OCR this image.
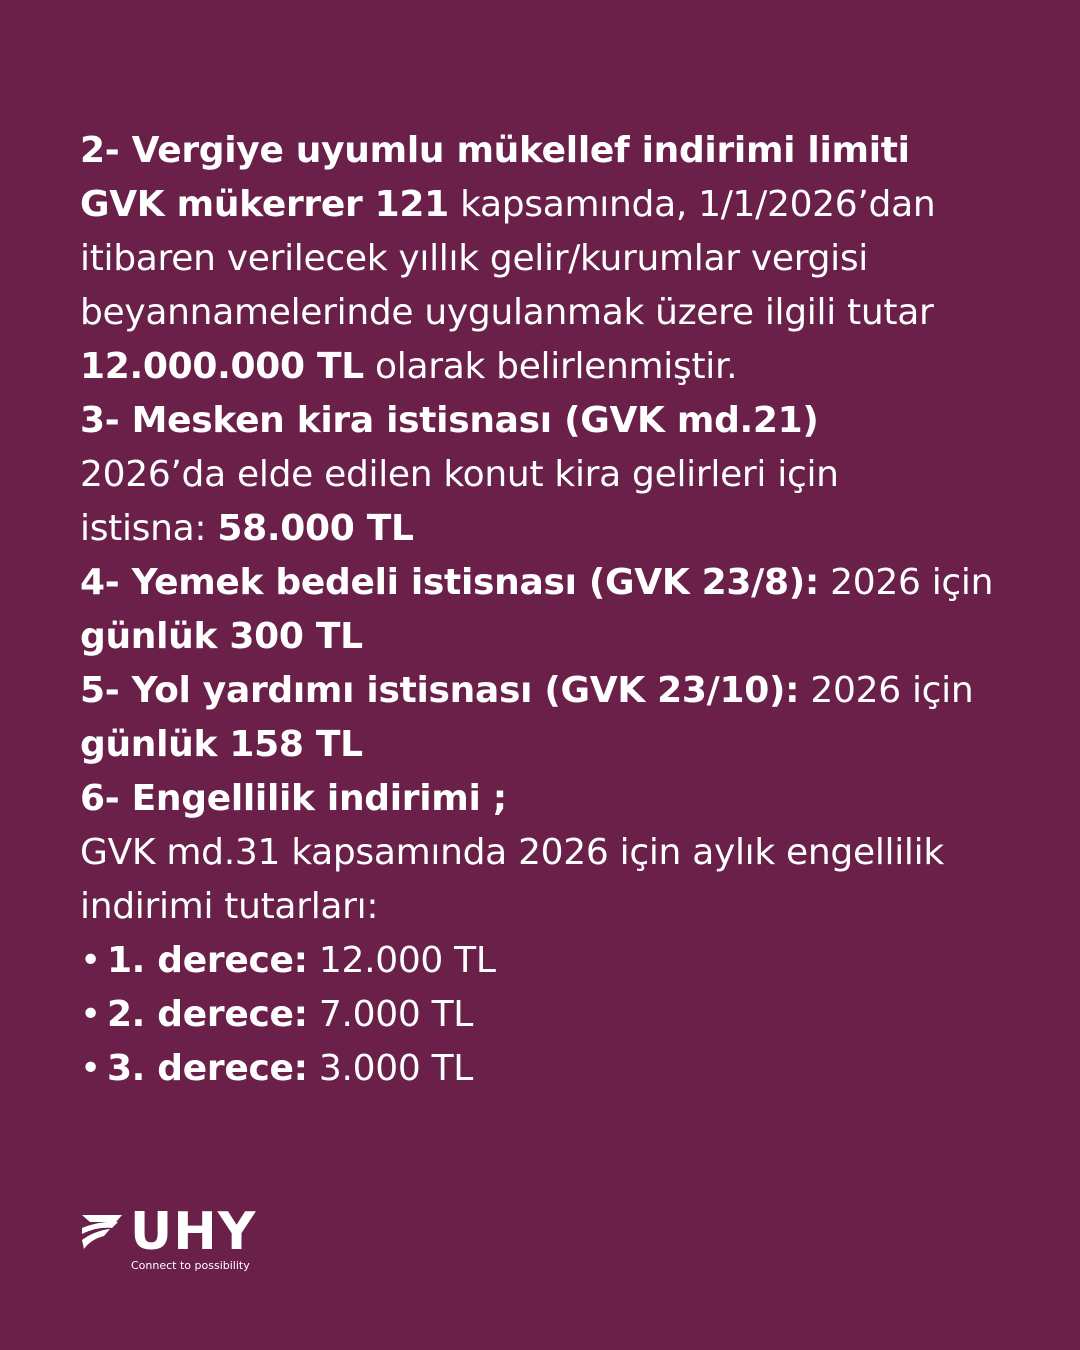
2- Vergiye uyumlu mükellef indirimi limiti
GVK mükerrer 121 kapsamında, 1/1/2026’dan
itibaren verilecek yıllık gelir/kurumlar vergisi
beyannamelerinde uygulanmak üzere ilgili tutar
12.000.000 TL olarak belirlenmiştir.
3- Mesken kira istisnası (GVK md.21)
2026’da elde edilen konut kira gelirleri için
istisna: 58.000 TL
4- Yemek bedeli istisnası (GVK 23/8): 2026 için
günlük 300 TL
5- Yol yardımı istisnası (GVK 23/10): 2026 için
günlük 158 TL
6- Engellilik indirimi ;
GVK md.31 kapsamında 2026 için aylık engellilik
indirimi tutarları:
• 1. derece: 12.000 TL
• 2. derece: 7.000 TL
• 3. derece: 3.000 TL
UHY
Connect to possibility
